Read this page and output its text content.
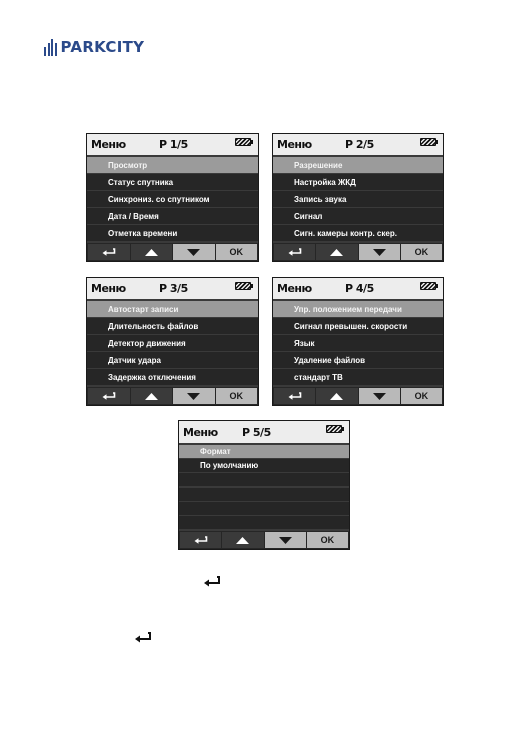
PARKCITY
Меню	P 1/5
Просмотр
Статус спутника
Синхрониз. со спутником
Дата / Время
Отметка времени
OK
Меню	P 2/5
Разрешение
Настройка ЖКД
Запись звука
Сигнал
Сигн. камеры контр. скер.
OK
Меню	P 3/5
Автостарт записи
Длительность файлов
Детектор движения
Датчик удара
Задержка отключения
OK
Меню	P 4/5
Упр. положением передачи
Сигнал превышен. скорости
Язык
Удаление файлов
стандарт ТВ
OK
Меню P 5/5
Формат
По умолчанию
OK
